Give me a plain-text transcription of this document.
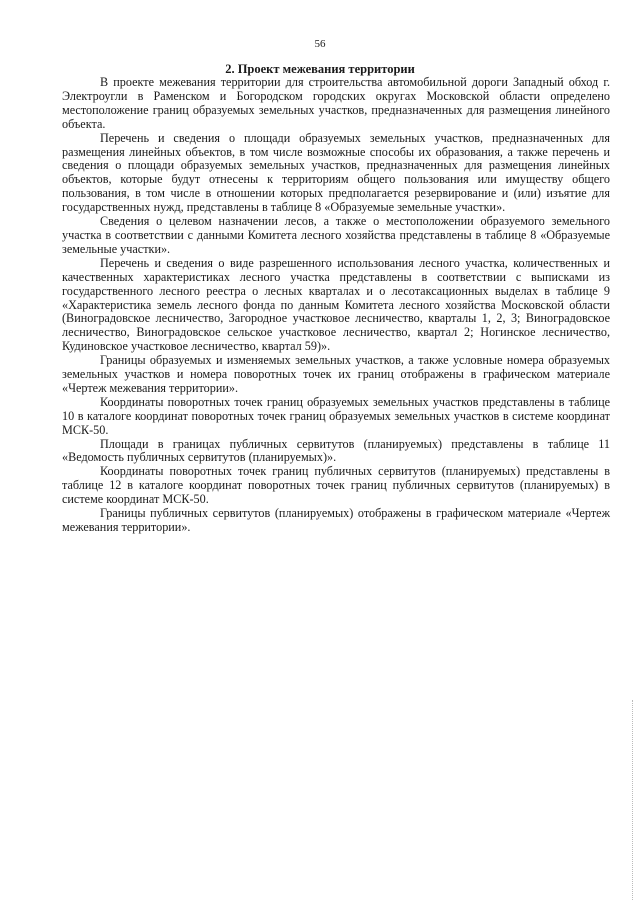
56
2. Проект межевания территории

В проекте межевания территории для строительства автомобильной дороги Западный обход г. Электроугли в Раменском и Богородском городских округах Московской области определено местоположение границ образуемых земельных участков, предназначенных для размещения линейного объекта.

Перечень и сведения о площади образуемых земельных участков, предназначенных для размещения линейных объектов, в том числе возможные способы их образования, а также перечень и сведения о площади образуемых земельных участков, предназначенных для размещения линейных объектов, которые будут отнесены к территориям общего пользования или имуществу общего пользования, в том числе в отношении которых предполагается резервирование и (или) изъятие для государственных нужд, представлены в таблице 8 «Образуемые земельные участки».

Сведения о целевом назначении лесов, а также о местоположении образуемого земельного участка в соответствии с данными Комитета лесного хозяйства представлены в таблице 8 «Образуемые земельные участки».

Перечень и сведения о виде разрешенного использования лесного участка, количественных и качественных характеристиках лесного участка представлены в соответствии с выписками из государственного лесного реестра о лесных кварталах и о лесотаксационных выделах в таблице 9 «Характеристика земель лесного фонда по данным Комитета лесного хозяйства Московской области (Виноградовское лесничество, Загородное участковое лесничество, кварталы 1, 2, 3; Виноградовское лесничество, Виноградовское сельское участковое лесничество, квартал 2; Ногинское лесничество, Кудиновское участковое лесничество, квартал 59)».

Границы образуемых и изменяемых земельных участков, а также условные номера образуемых земельных участков и номера поворотных точек их границ отображены в графическом материале «Чертеж межевания территории».

Координаты поворотных точек границ образуемых земельных участков представлены в таблице 10 в каталоге координат поворотных точек границ образуемых земельных участков в системе координат МСК-50.

Площади в границах публичных сервитутов (планируемых) представлены в таблице 11 «Ведомость публичных сервитутов (планируемых)».

Координаты поворотных точек границ публичных сервитутов (планируемых) представлены в таблице 12 в каталоге координат поворотных точек границ публичных сервитутов (планируемых) в системе координат МСК-50.

Границы публичных сервитутов (планируемых) отображены в графическом материале «Чертеж межевания территории».
